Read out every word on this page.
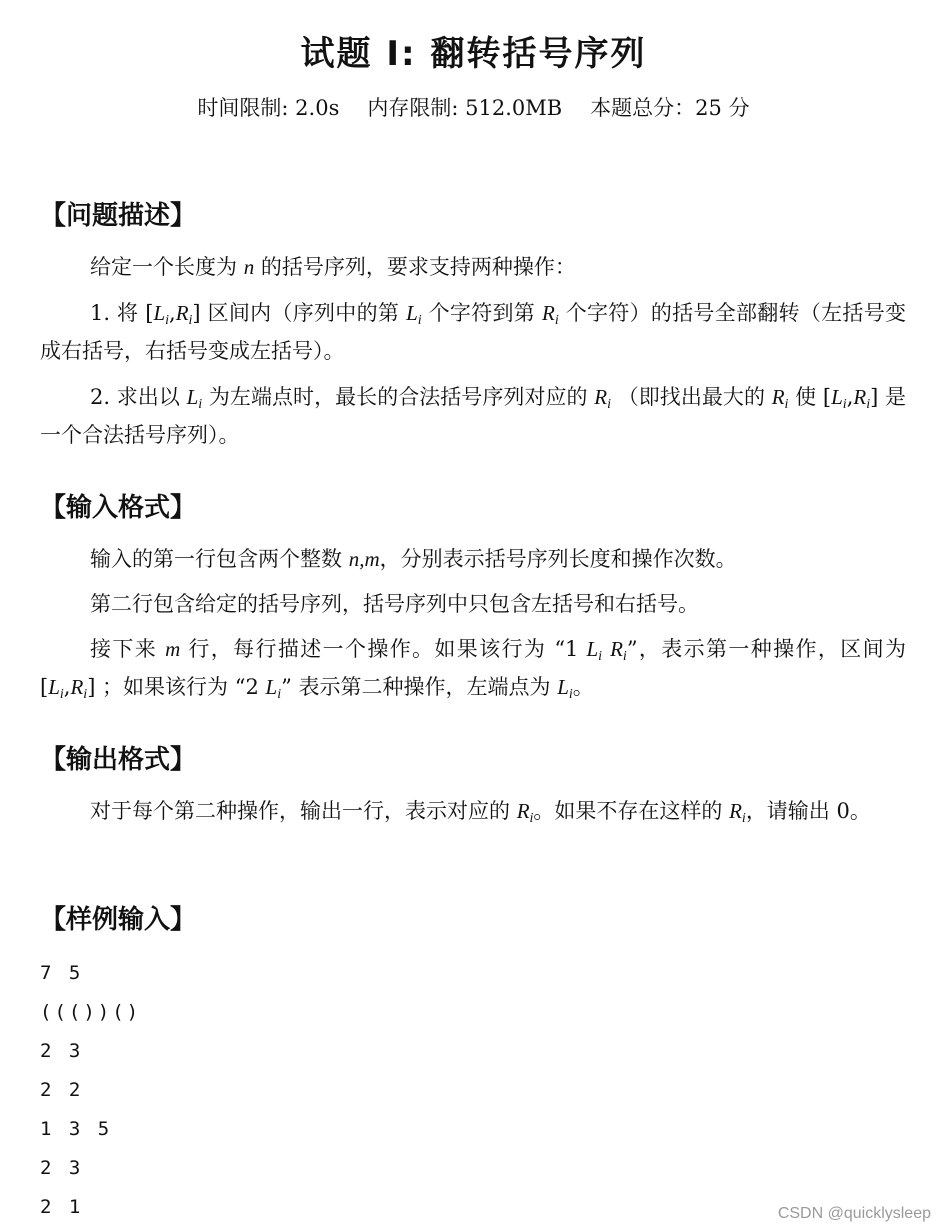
试题 I: 翻转括号序列
时间限制: 2.0s 内存限制: 512.0MB 本题总分：25 分
【问题描述】
给定一个长度为 n 的括号序列，要求支持两种操作：
1. 将 $[L_i,R_i]$ 区间内（序列中的第 $L_i$ 个字符到第 $R_i$ 个字符）的括号全部翻转（左括号变成右括号，右括号变成左括号）。
2. 求出以 $L_i$ 为左端点时，最长的合法括号序列对应的 $R_i$ （即找出最大的 $R_i$ 使 $[L_i,R_i]$ 是一个合法括号序列）。
【输入格式】
输入的第一行包含两个整数 n,m，分别表示括号序列长度和操作次数。
第二行包含给定的括号序列，括号序列中只包含左括号和右括号。
接下来 m 行，每行描述一个操作。如果该行为 “1 $L_i$ $R_i$”，表示第一种操作，区间为 $[L_i,R_i]$ ；如果该行为 “2 $L_i$” 表示第二种操作，左端点为 $L_i$。
【输出格式】
对于每个第二种操作，输出一行，表示对应的 $R_i$。如果不存在这样的 $R_i$，请输出 0。
【样例输入】
7 5
((())()
2 3
2 2
1 3 5
2 3
2 1	CSDN @quicklysleep
